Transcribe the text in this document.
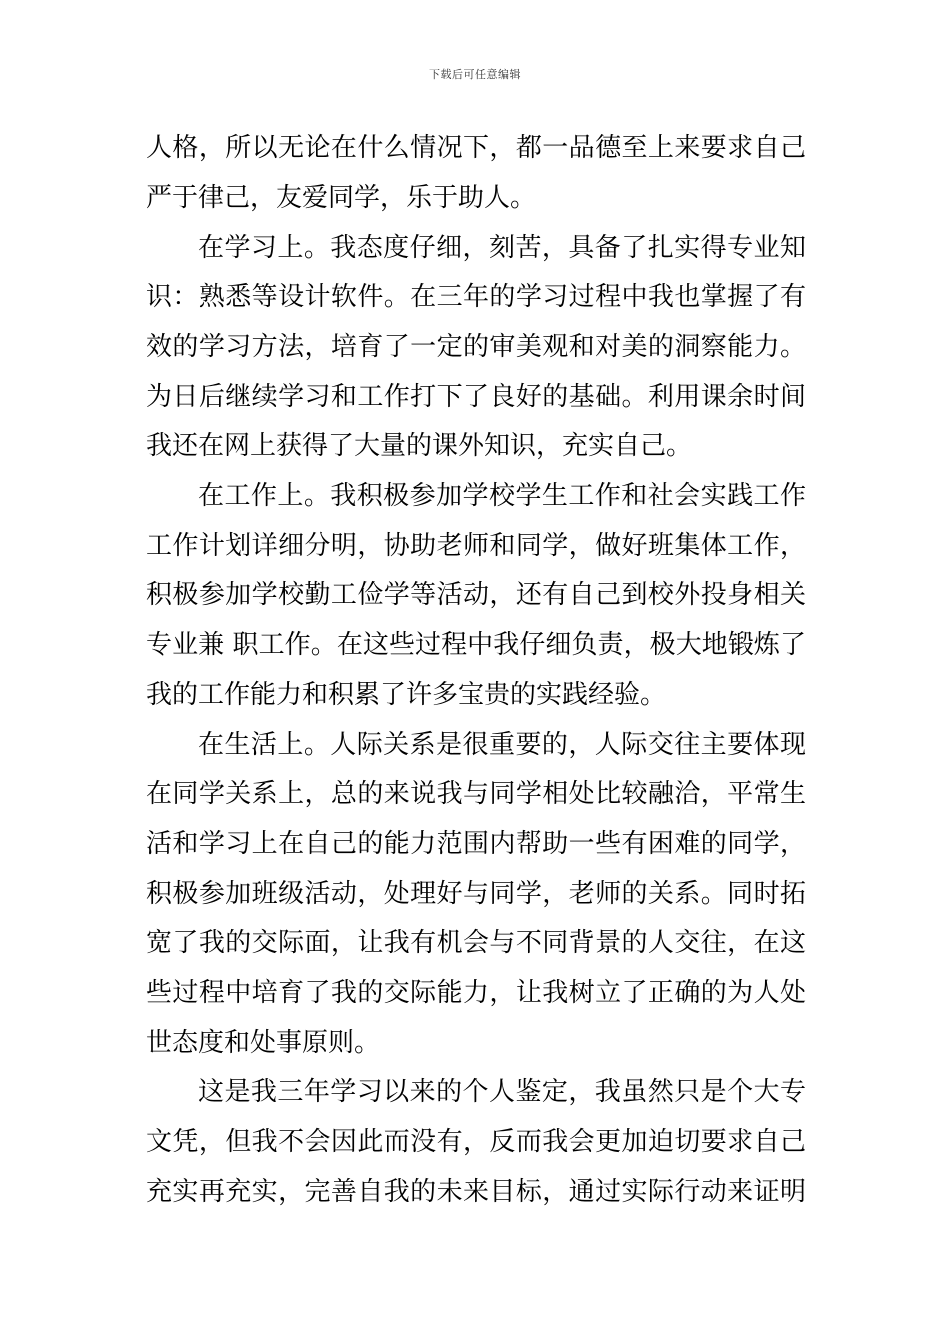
下载后可任意编辑
人格，所以无论在什么情况下，都一品德至上来要求自己
严于律己，友爱同学，乐于助人。
在学习上。我态度仔细，刻苦，具备了扎实得专业知
识：熟悉等设计软件。在三年的学习过程中我也掌握了有
效的学习方法，培育了一定的审美观和对美的洞察能力。
为日后继续学习和工作打下了良好的基础。利用课余时间
我还在网上获得了大量的课外知识，充实自己。
在工作上。我积极参加学校学生工作和社会实践工作
工作计划详细分明，协助老师和同学，做好班集体工作，
积极参加学校勤工俭学等活动，还有自己到校外投身相关
专业兼 职工作。在这些过程中我仔细负责，极大地锻炼了
我的工作能力和积累了许多宝贵的实践经验。
在生活上。人际关系是很重要的，人际交往主要体现
在同学关系上，总的来说我与同学相处比较融洽，平常生
活和学习上在自己的能力范围内帮助一些有困难的同学，
积极参加班级活动，处理好与同学，老师的关系。同时拓
宽了我的交际面，让我有机会与不同背景的人交往，在这
些过程中培育了我的交际能力，让我树立了正确的为人处
世态度和处事原则。
这是我三年学习以来的个人鉴定，我虽然只是个大专
文凭，但我不会因此而没有，反而我会更加迫切要求自己
充实再充实，完善自我的未来目标，通过实际行动来证明
